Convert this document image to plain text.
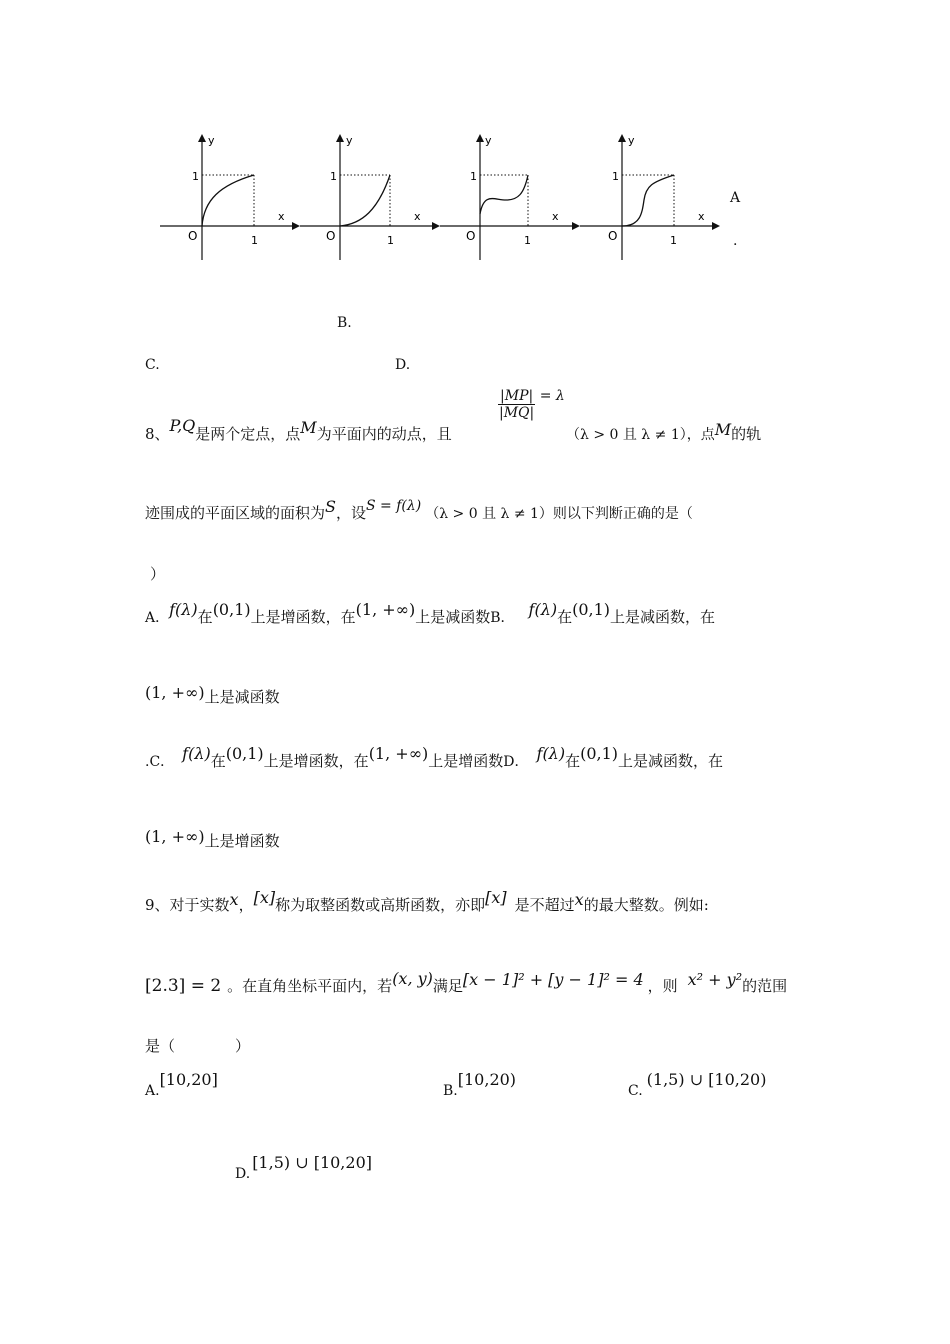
y
x
O
1
1
y
x
O
1
1
y
x
O
1
1
y
x
O
1
1
A
.
B.
C.	D.
8、P,Q是两个定点，点M为平面内的动点，且
$\frac{|MP|}{|MQ|} = \lambda$
（λ > 0 且 λ ≠ 1），点M的轨
迹围成的平面区域的面积为S，设S = f(λ) （λ > 0 且 λ ≠ 1）则以下判断正确的是（
）
A．f(λ)在(0,1)上是增函数，在(1, +∞)上是减函数B． f(λ)在(0,1)上是减函数，在
(1, +∞)上是减函数
.C． f(λ)在(0,1)上是增函数，在(1, +∞)上是增函数D． f(λ)在(0,1)上是减函数，在
(1, +∞)上是增函数
9、对于实数x，[x]称为取整函数或高斯函数，亦即[x] 是不超过x的最大整数。例如:
[2.3] = 2 。在直角坐标平面内，若(x, y)满足[x − 1]² + [y − 1]² = 4 ，则 x² + y²的范围
是（　　　　）
A.[10,20]
B.[10,20)
C.(1,5) ∪ [10,20)
D.[1,5) ∪ [10,20]
